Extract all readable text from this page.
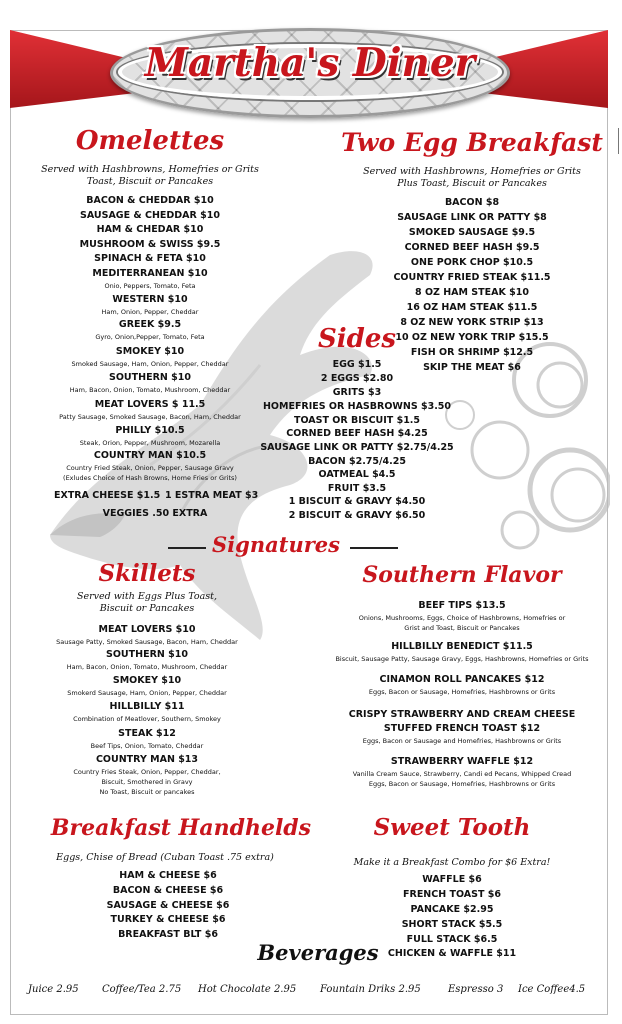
Martha's Diner
Omelettes
Served with Hashbrowns, Homefries or Grits
Toast, Biscuit or Pancakes
BACON & CHEDDAR $10
SAUSAGE & CHEDDAR $10
HAM & CHEDAR $10
MUSHROOM & SWISS $9.5
SPINACH & FETA $10
MEDITERRANEAN $10
Onio, Peppers, Tomato, Feta
WESTERN $10
Ham, Onion, Pepper, Cheddar
GREEK $9.5
Gyro, Onion,Pepper, Tomato, Feta
SMOKEY $10
Smoked Sausage, Ham, Onion, Pepper, Cheddar
SOUTHERN $10
Ham, Bacon, Onion, Tomato, Mushroom, Cheddar
MEAT LOVERS $ 11.5
Patty Sausage, Smoked Sausage, Bacon, Ham, Cheddar
PHILLY $10.5
Steak, Orion, Pepper, Mushroom, Mozarella
COUNTRY MAN $10.5
Country Fried Steak, Onion, Pepper, Sausage Gravy
(Exludes Choice of Hash Browns, Home Fries or Grits)
EXTRA CHEESE $1.5 1 ESTRA MEAT $3
VEGGIES .50 EXTRA
Two Egg Breakfast
Served with Hashbrowns, Homefries or Grits
Plus Toast, Biscuit or Pancakes
BACON $8
SAUSAGE LINK OR PATTY $8
SMOKED SAUSAGE $9.5
CORNED BEEF HASH $9.5
ONE PORK CHOP $10.5
COUNTRY FRIED STEAK $11.5
8 OZ HAM STEAK $10
16 OZ HAM STEAK $11.5
8 OZ NEW YORK STRIP $13
10 OZ NEW YORK TRIP $15.5
FISH OR SHRIMP $12.5
SKIP THE MEAT $6
Sides
EGG $1.5
2 EGGS $2.80
GRITS $3
HOMEFRIES OR HASBROWNS $3.50
TOAST OR BISCUIT $1.5
CORNED BEEF HASH $4.25
SAUSAGE LINK OR PATTY $2.75/4.25
BACON $2.75/4.25
OATMEAL $4.5
FRUIT $3.5
1 BISCUIT & GRAVY $4.50
2 BISCUIT & GRAVY $6.50
Signatures
Skillets
Served with Eggs Plus Toast,
Biscuit or Pancakes
MEAT LOVERS $10
Sausage Patty, Smoked Sausage, Bacon, Ham, Cheddar
SOUTHERN $10
Ham, Bacon, Onion, Tomato, Mushroom, Cheddar
SMOKEY $10
Smokerd Sausage, Ham, Onion, Pepper, Cheddar
HILLBILLY $11
Combination of Meatlover, Southern, Smokey
STEAK $12
Beef Tips, Onion, Tomato, Cheddar
COUNTRY MAN $13
Country Fries Steak, Onion, Pepper, Cheddar,
Biscuit, Smothered in Gravy
No Toast, Biscuit or pancakes
Southern Flavor
BEEF TIPS $13.5
Onions, Mushrooms, Eggs, Choice of Hashbrowns, Homefries or
Grist and Toast, Biscuit or Pancakes
HILLBILLY BENEDICT $11.5
Biscuit, Sausage Patty, Sausage Gravy, Eggs, Hashbrowns, Homefries or Grits
CINAMON ROLL PANCAKES $12
Eggs, Bacon or Sausage, Homefries, Hashbrowns or Grits
CRISPY STRAWBERRY AND CREAM CHEESE
STUFFED FRENCH TOAST $12
Eggs, Bacon or Sausage and Homefries, Hashbrowns or Grits
STRAWBERRY WAFFLE $12
Vanilla Cream Sauce, Strawberry, Candi ed Pecans, Whipped Cread
Eggs, Bacon or Sausage, Homefries, Hashbrowns or Grits
Breakfast Handhelds
Eggs, Chise of Bread (Cuban Toast .75 extra)
HAM & CHEESE $6
BACON & CHEESE $6
SAUSAGE & CHEESE $6
TURKEY & CHEESE $6
BREAKFAST BLT $6
Sweet Tooth
Make it a Breakfast Combo for $6 Extra!
WAFFLE $6
FRENCH TOAST $6
PANCAKE $2.95
SHORT STACK $5.5
FULL STACK $6.5
CHICKEN & WAFFLE $11
Beverages
Juice 2.95 Coffee/Tea 2.75 Hot Chocolate 2.95 Fountain Driks 2.95	Espresso 3 Ice Coffee4.5
